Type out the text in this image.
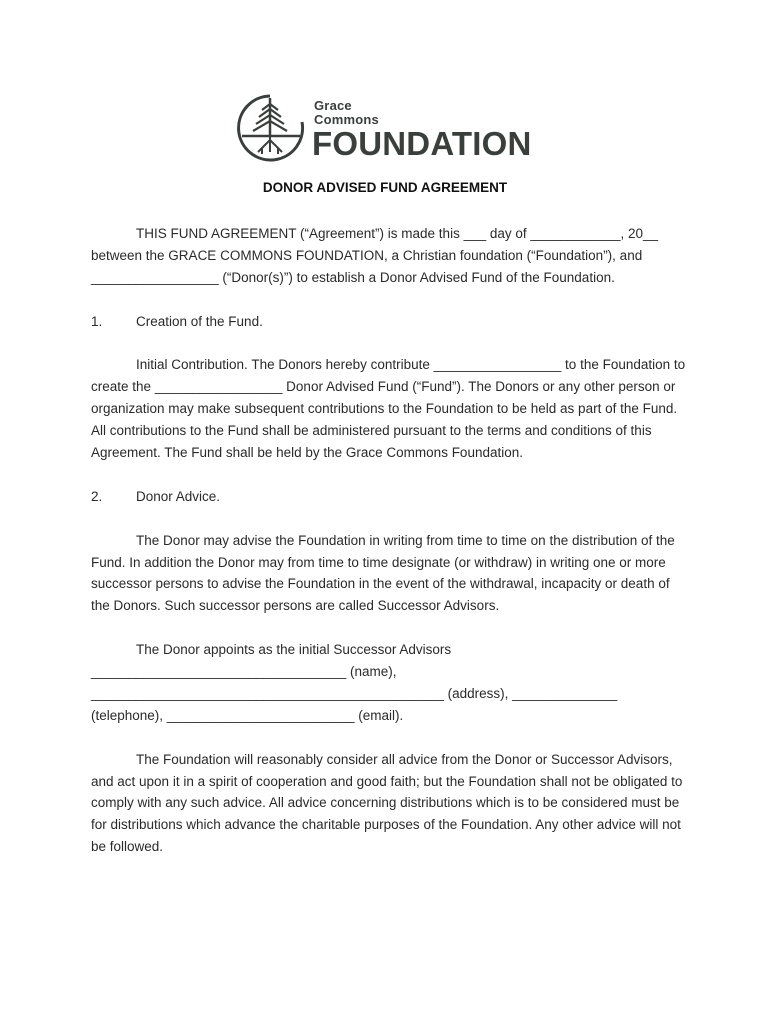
Grace
Commons
FOUNDATION
DONOR ADVISED FUND AGREEMENT

THIS FUND AGREEMENT (“Agreement”) is made this ___ day of ____________, 20__ between the GRACE COMMONS FOUNDATION, a Christian foundation (“Foundation”), and _________________ (“Donor(s)”) to establish a Donor Advised Fund of the Foundation.

1.	Creation of the Fund.

Initial Contribution. The Donors hereby contribute _________________ to the Foundation to create the _________________ Donor Advised Fund (“Fund”). The Donors or any other person or organization may make subsequent contributions to the Foundation to be held as part of the Fund. All contributions to the Fund shall be administered pursuant to the terms and conditions of this Agreement. The Fund shall be held by the Grace Commons Foundation.

2.	Donor Advice.

The Donor may advise the Foundation in writing from time to time on the distribution of the Fund. In addition the Donor may from time to time designate (or withdraw) in writing one or more successor persons to advise the Foundation in the event of the withdrawal, incapacity or death of the Donors. Such successor persons are called Successor Advisors.

The Donor appoints as the initial Successor Advisors __________________________________ (name), _______________________________________________ (address), ______________ (telephone), _________________________ (email).

The Foundation will reasonably consider all advice from the Donor or Successor Advisors, and act upon it in a spirit of cooperation and good faith; but the Foundation shall not be obligated to comply with any such advice. All advice concerning distributions which is to be considered must be for distributions which advance the charitable purposes of the Foundation. Any other advice will not be followed.
